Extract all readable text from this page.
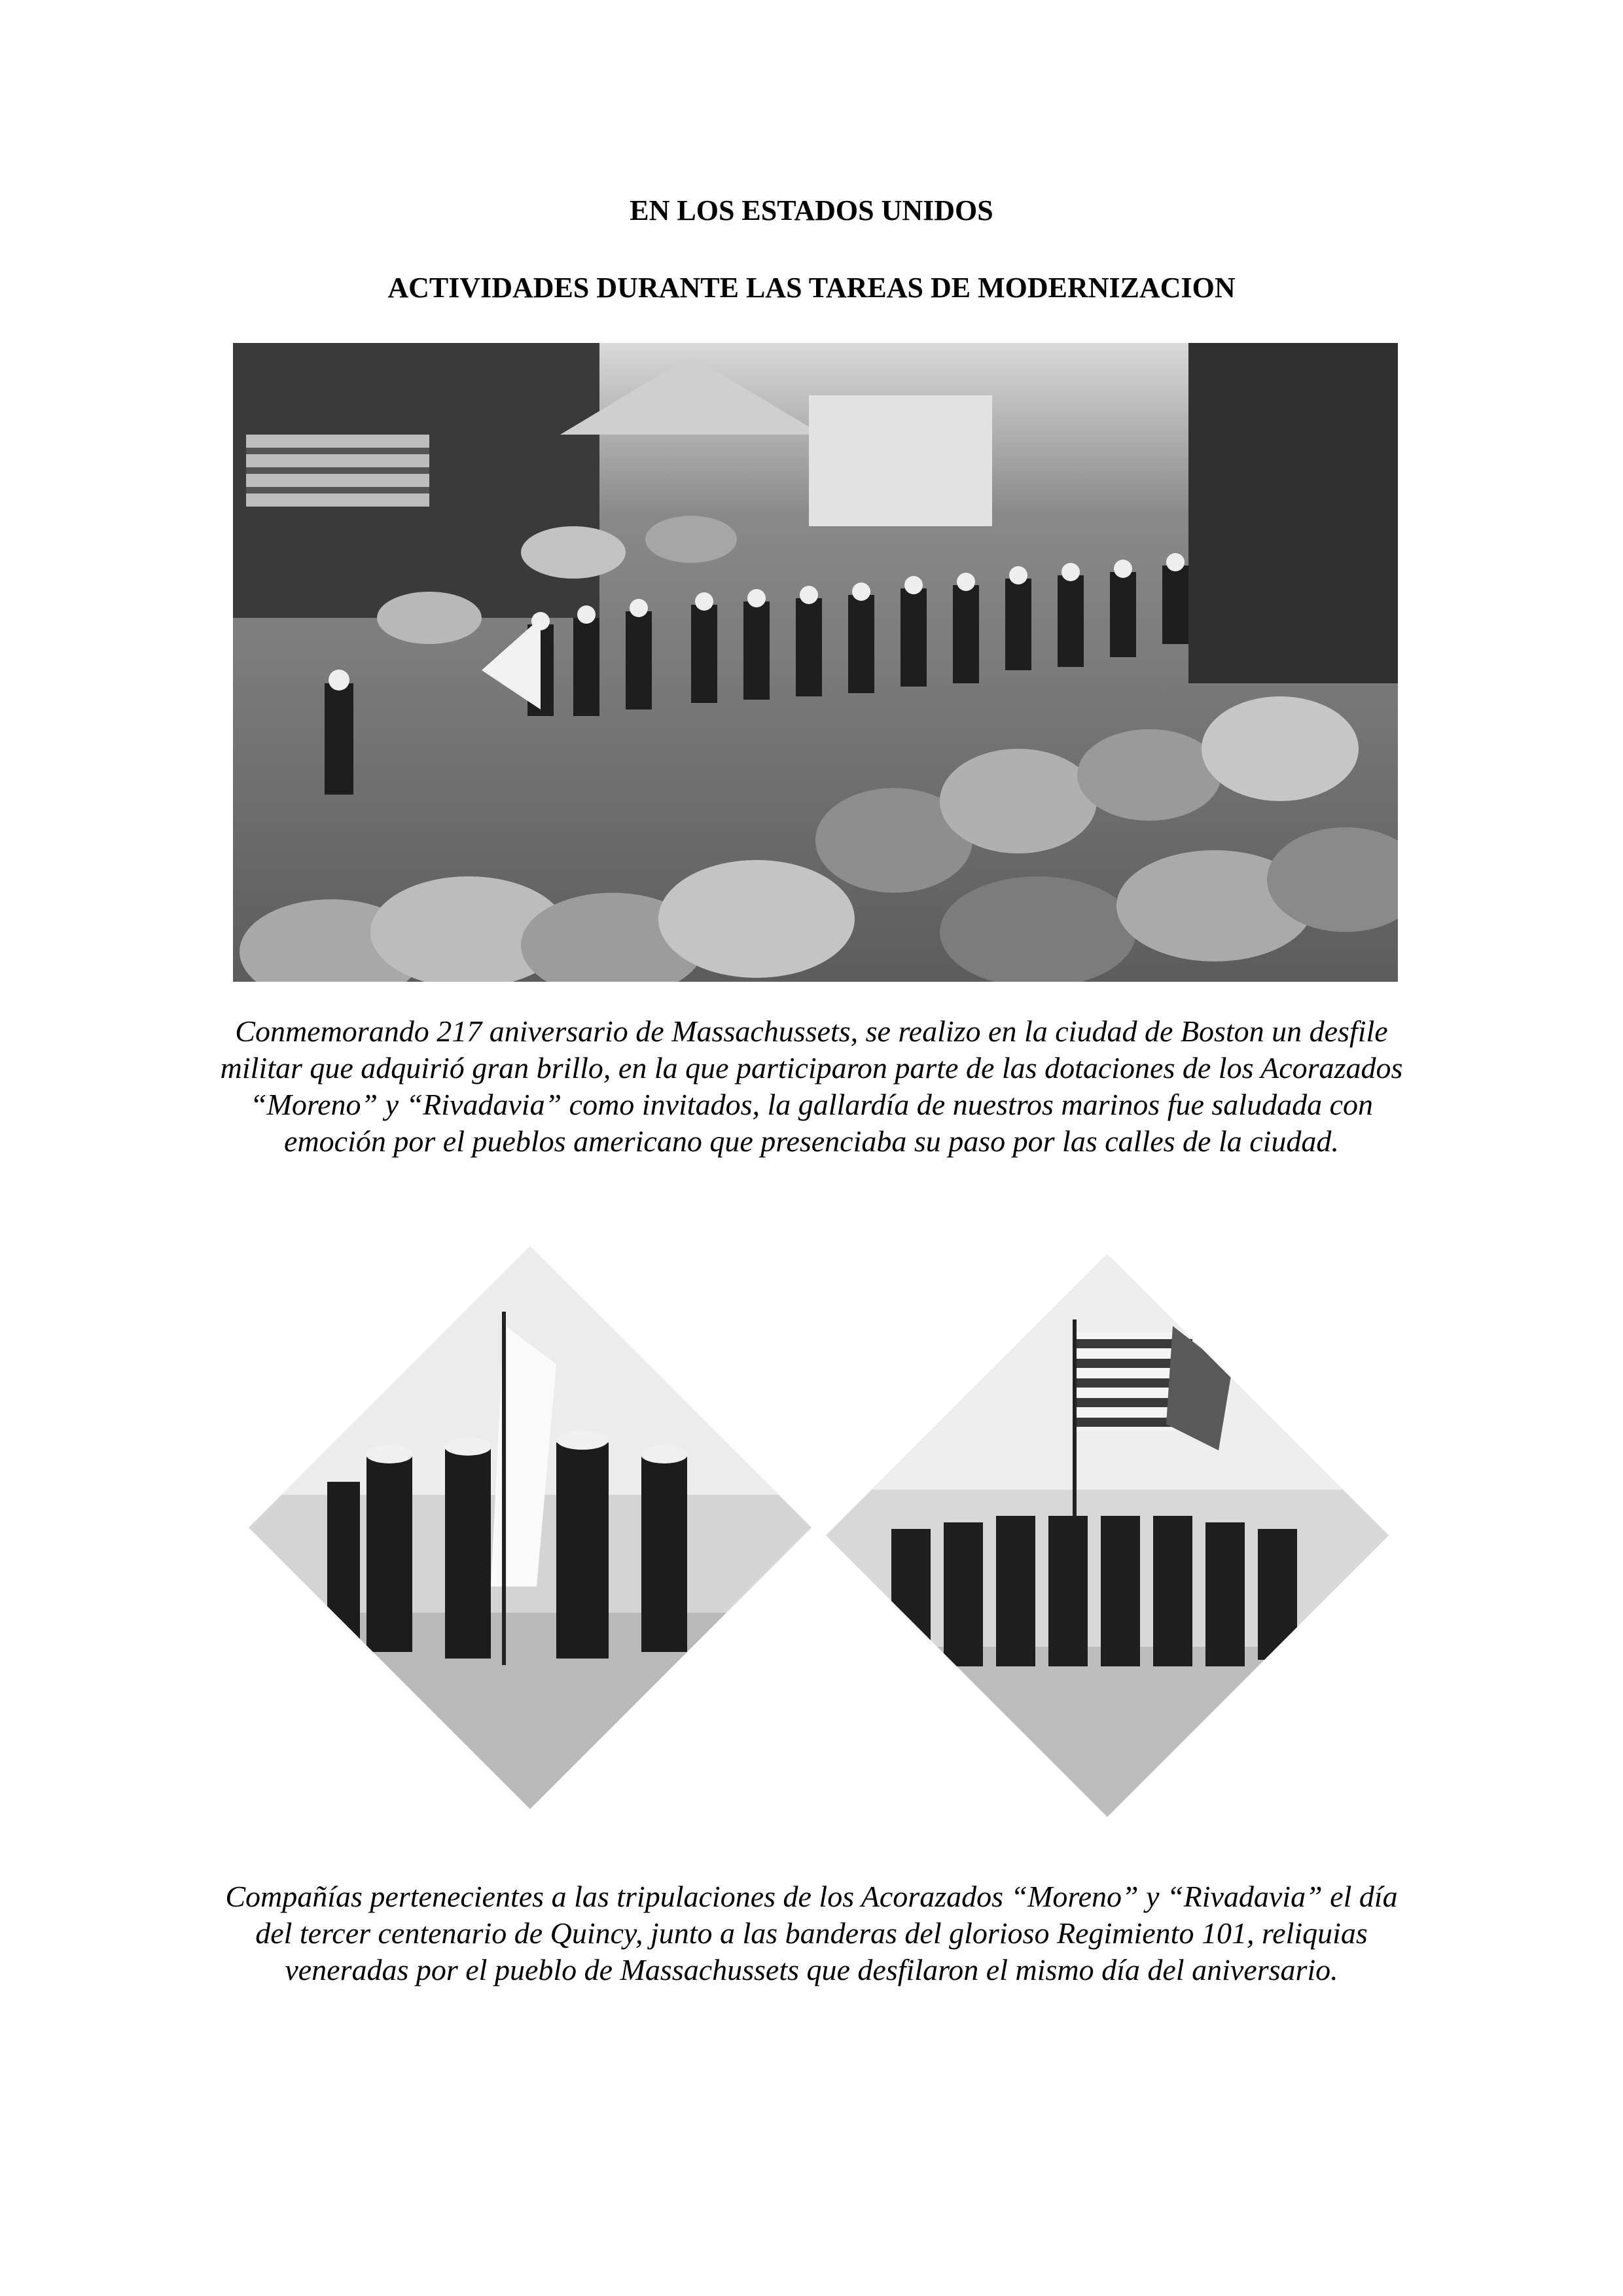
EN LOS ESTADOS UNIDOS
ACTIVIDADES DURANTE LAS TAREAS DE MODERNIZACION

Conmemorando 217 aniversario de Massachussets, se realizo en la ciudad de Boston un desfile militar que adquirió gran brillo, en la que participaron parte de las dotaciones de los Acorazados “Moreno” y “Rivadavia” como invitados, la gallardía de nuestros marinos fue saludada con emoción por el pueblos americano que presenciaba su paso por las calles de la ciudad.

Compañías pertenecientes a las tripulaciones de los Acorazados “Moreno” y “Rivadavia” el día del tercer centenario de Quincy, junto a las banderas del glorioso Regimiento 101, reliquias veneradas por el pueblo de Massachussets que desfilaron el mismo día del aniversario.
